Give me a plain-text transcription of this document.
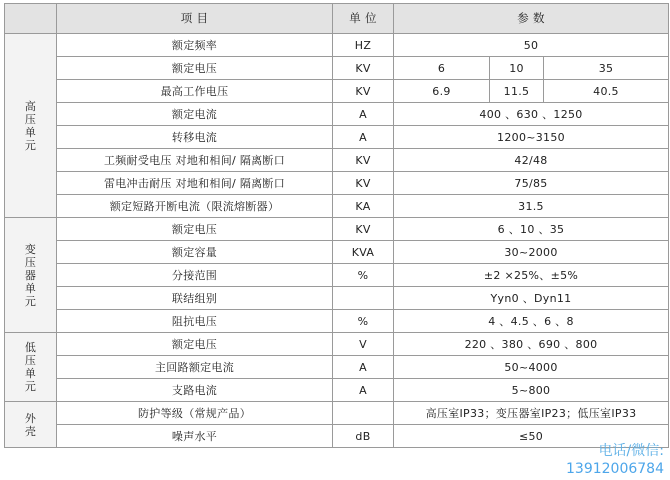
	项 目	单 位	参 数		
高压单元	额定频率	HZ	50		
	额定电压	KV	6	10	35
	最高工作电压	KV	6.9	11.5	40.5
	额定电流	A	400 、630 、1250		
	转移电流	A	1200~3150		
	工频耐受电压 对地和相间/ 隔离断口	KV	42/48		
	雷电冲击耐压 对地和相间/ 隔离断口	KV	75/85		
	额定短路开断电流（限流熔断器）	KA	31.5		
变压器单元	额定电压	KV	6 、10 、35		
	额定容量	KVA	30~2000		
	分接范围	%	±2 ×25%、±5%		
	联结组别		Yyn0 、Dyn11		
	阻抗电压	%	4 、4.5 、6 、8		
低压单元	额定电压	V	220 、380 、690 、800		
	主回路额定电流	A	50~4000		
	支路电流	A	5~800		
外壳	防护等级（常规产品）		高压室IP33；变压器室IP23；低压室IP33		
	噪声水平	dB	≤50		
电话/微信:
13912006784
